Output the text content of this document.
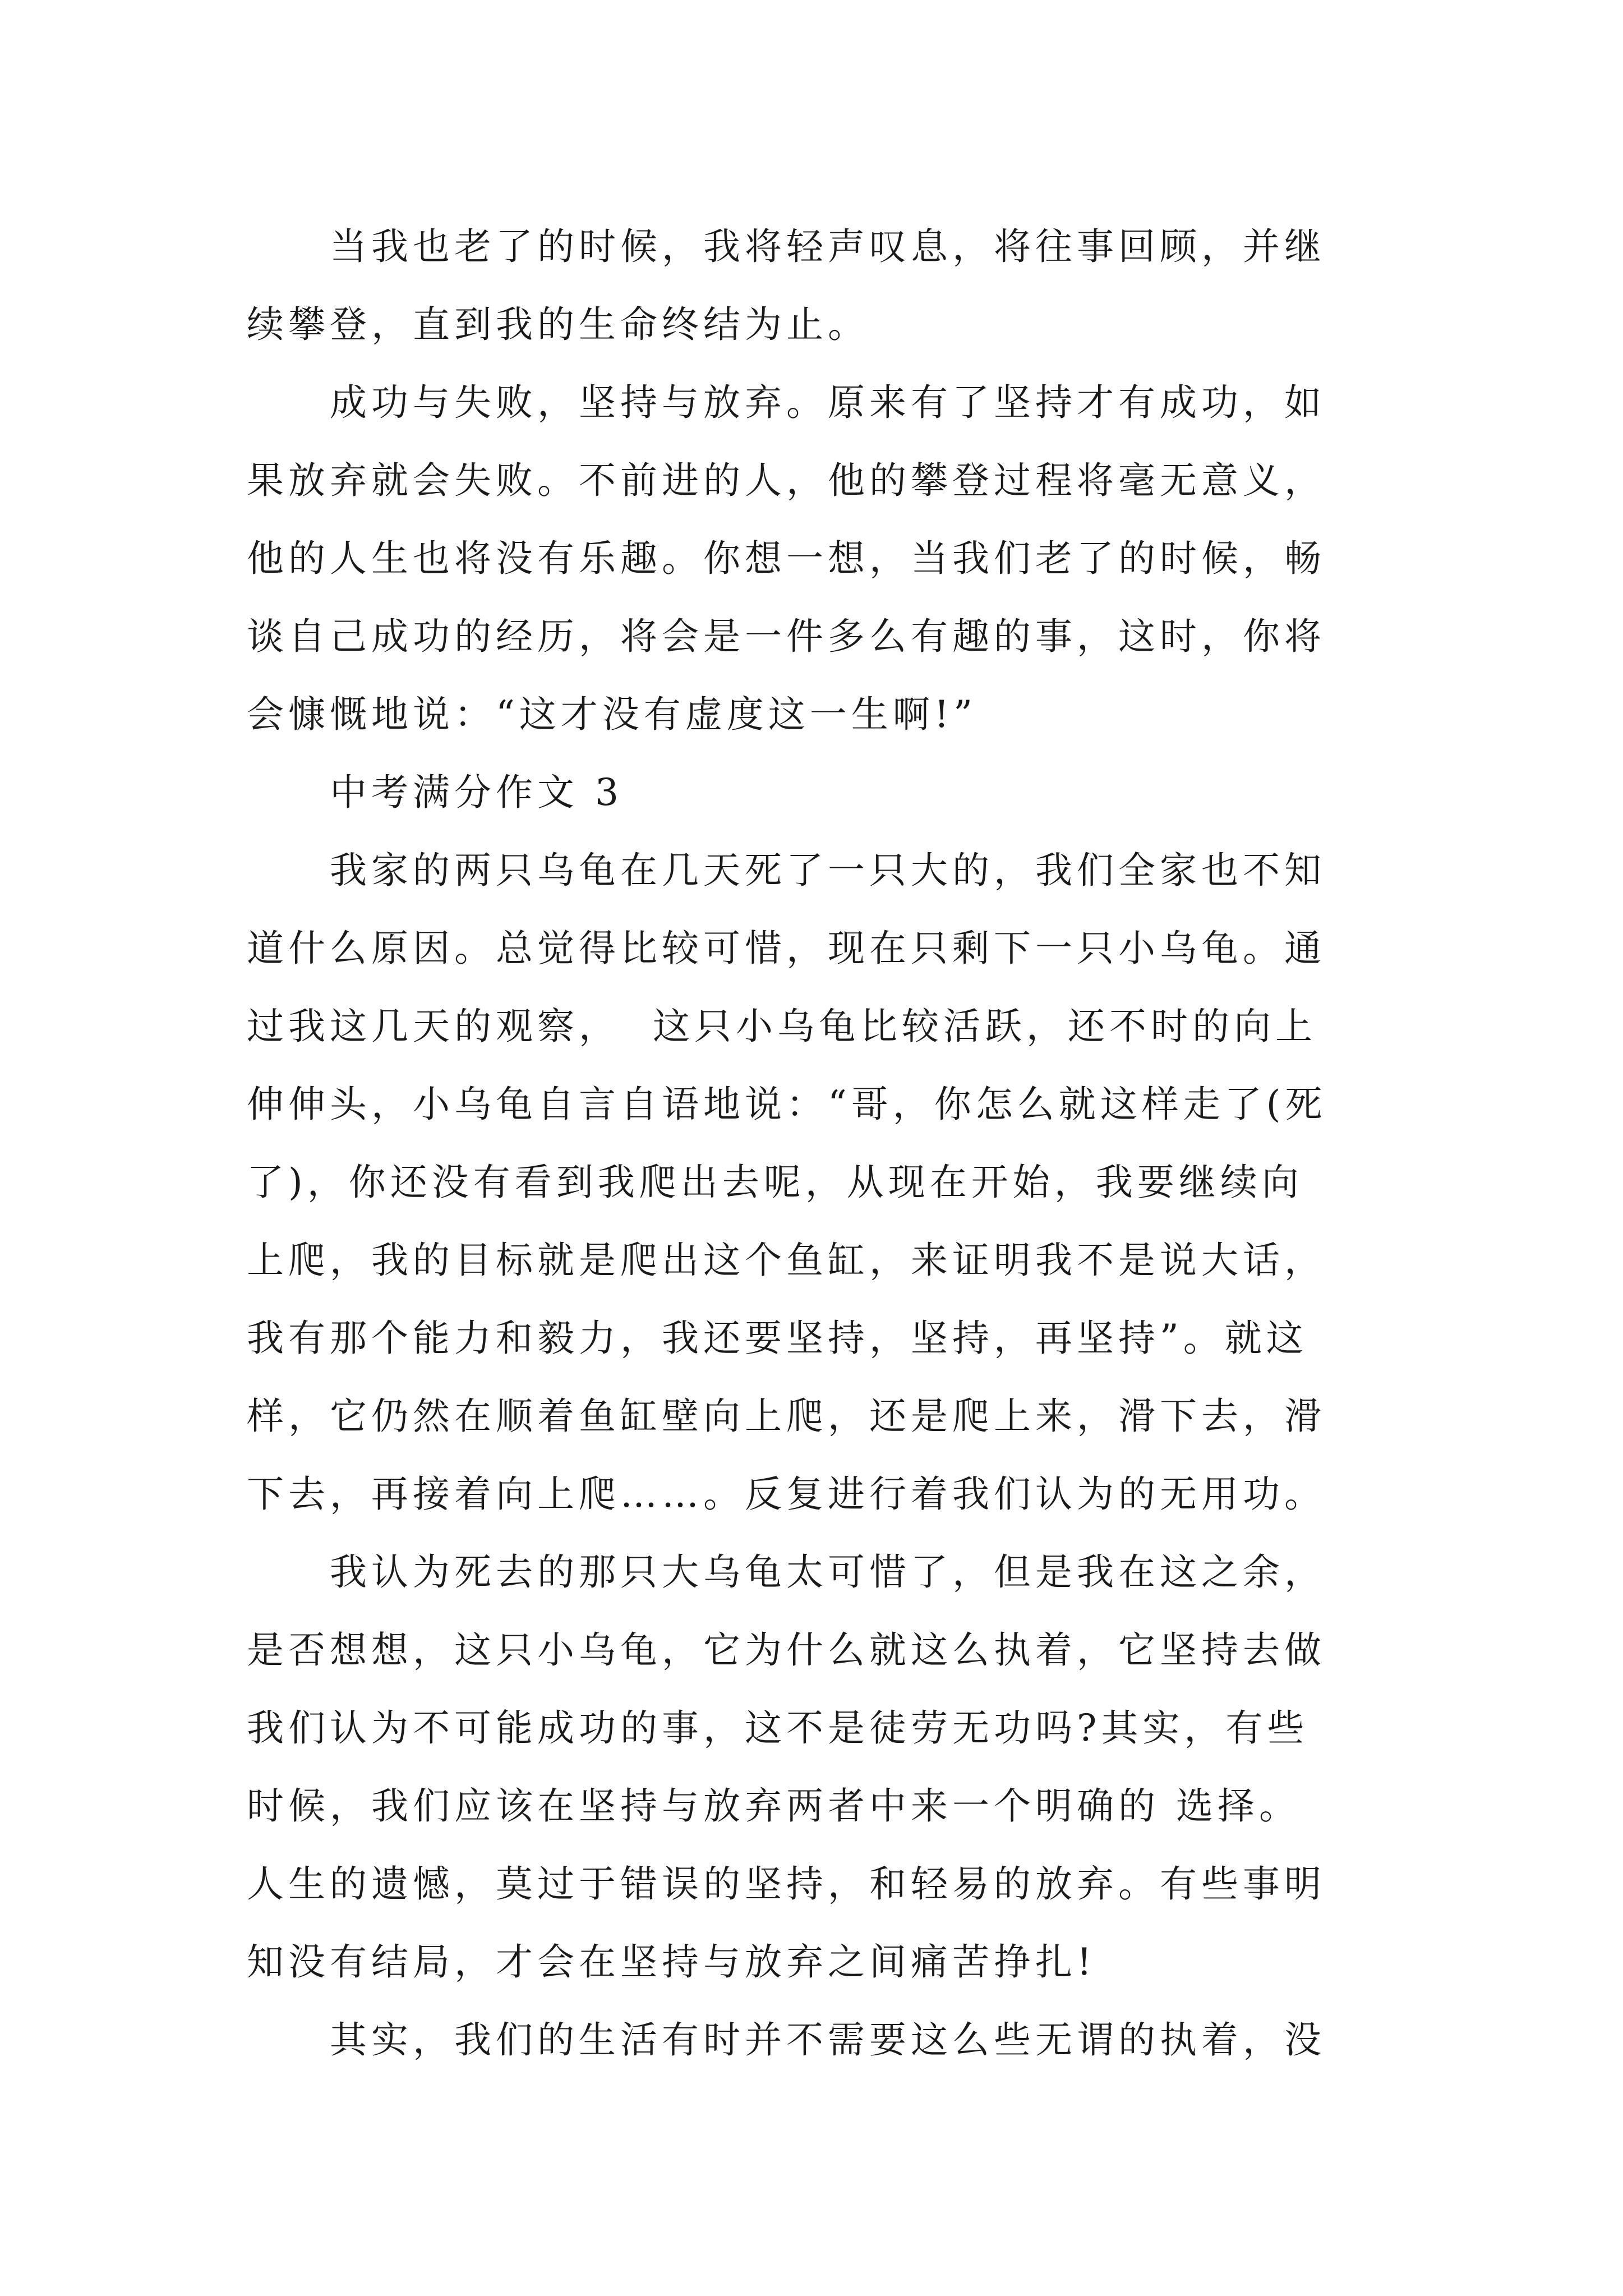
　　当我也老了的时候，我将轻声叹息，将往事回顾，并继
续攀登，直到我的生命终结为止。
　　成功与失败，坚持与放弃。原来有了坚持才有成功，如
果放弃就会失败。不前进的人，他的攀登过程将毫无意义，
他的人生也将没有乐趣。你想一想，当我们老了的时候，畅
谈自己成功的经历，将会是一件多么有趣的事，这时，你将
会慷慨地说：“这才没有虚度这一生啊!”
　　中考满分作文 3
　　我家的两只乌龟在几天死了一只大的，我们全家也不知
道什么原因。总觉得比较可惜，现在只剩下一只小乌龟。通
过我这几天的观察，  这只小乌龟比较活跃，还不时的向上
伸伸头，小乌龟自言自语地说：“哥，你怎么就这样走了(死
了)，你还没有看到我爬出去呢，从现在开始，我要继续向
上爬，我的目标就是爬出这个鱼缸，来证明我不是说大话，
我有那个能力和毅力，我还要坚持，坚持，再坚持”。就这
样，它仍然在顺着鱼缸壁向上爬，还是爬上来，滑下去，滑
下去，再接着向上爬……。反复进行着我们认为的无用功。
　　我认为死去的那只大乌龟太可惜了，但是我在这之余，
是否想想，这只小乌龟，它为什么就这么执着，它坚持去做
我们认为不可能成功的事，这不是徒劳无功吗?其实，有些
时候，我们应该在坚持与放弃两者中来一个明确的 选择。
人生的遗憾，莫过于错误的坚持，和轻易的放弃。有些事明
知没有结局，才会在坚持与放弃之间痛苦挣扎!
　　其实，我们的生活有时并不需要这么些无谓的执着，没
